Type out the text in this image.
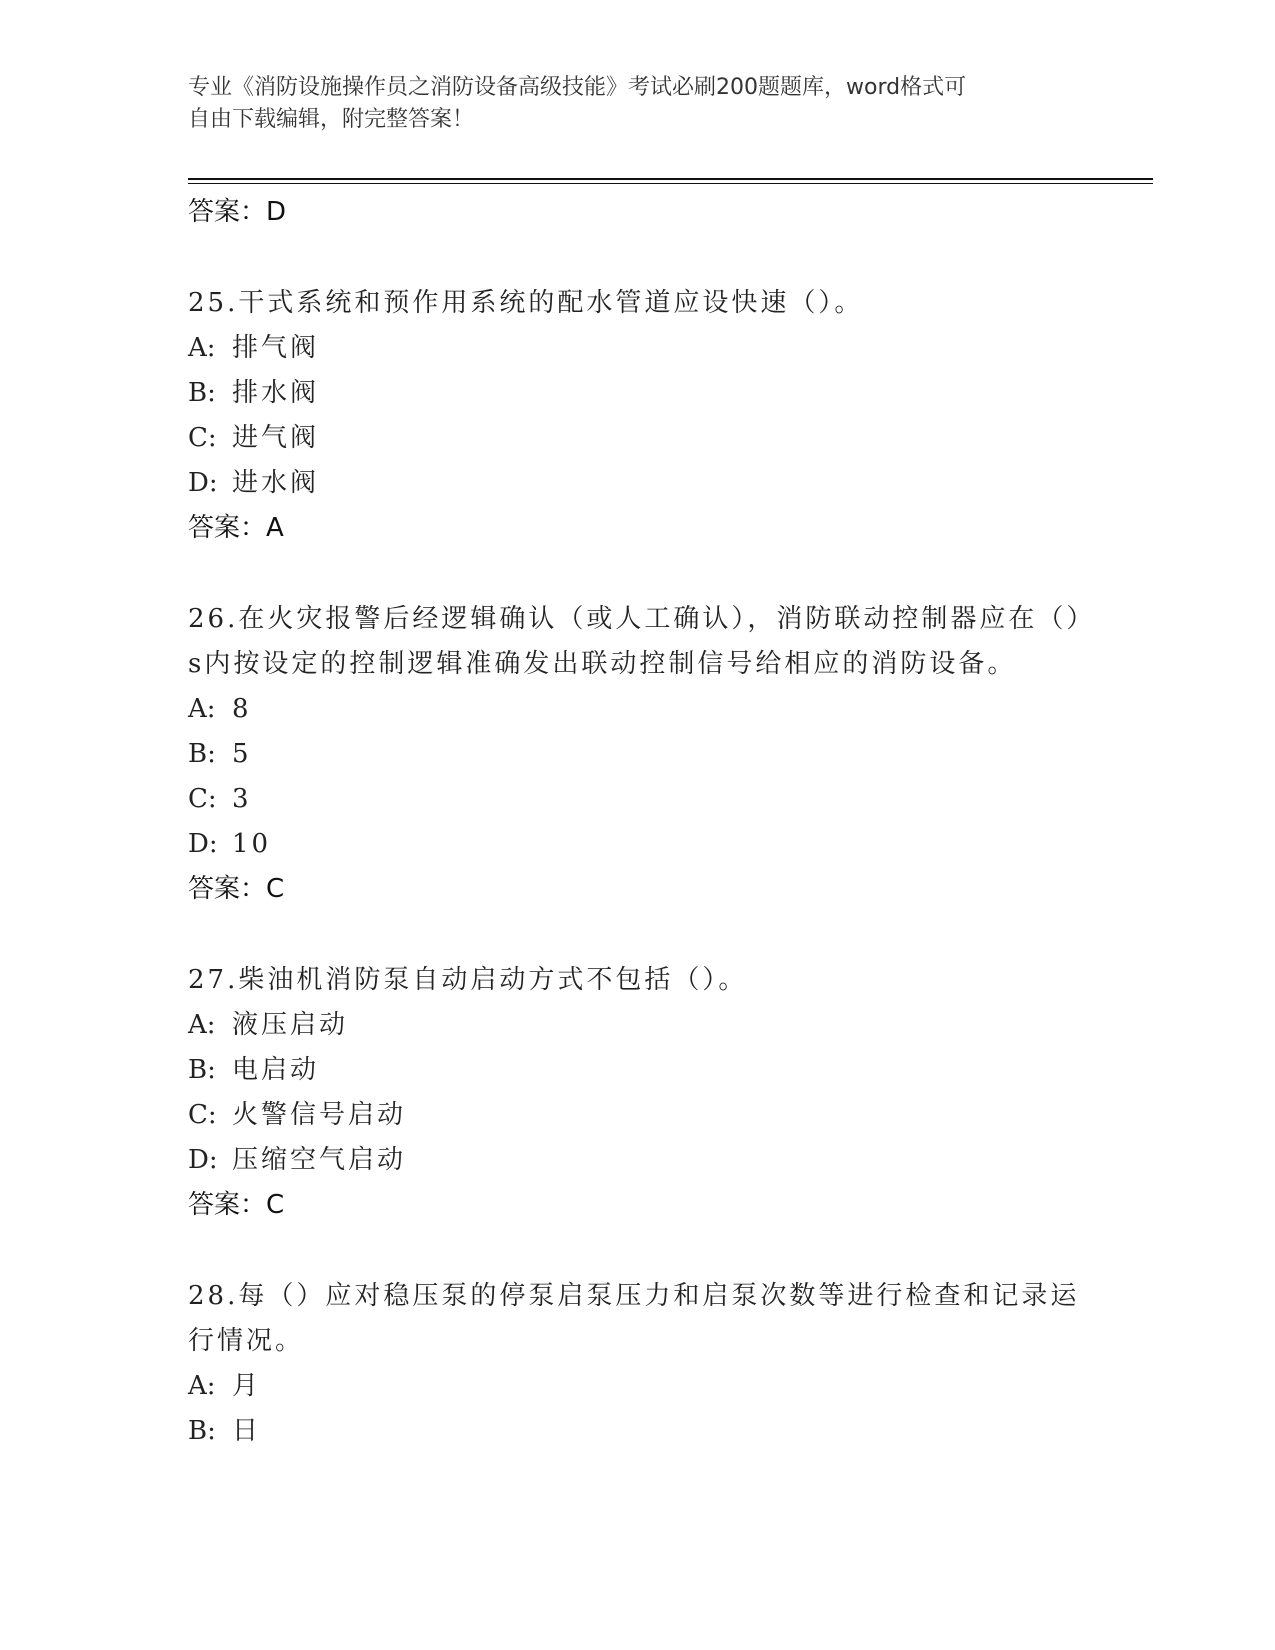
专业《消防设施操作员之消防设备高级技能》考试必刷200题题库，word格式可
自由下载编辑，附完整答案！
答案：D
25.干式系统和预作用系统的配水管道应设快速（）。
A: 排气阀
B: 排水阀
C: 进气阀
D: 进水阀
答案：A
26.在火灾报警后经逻辑确认（或人工确认），消防联动控制器应在（）s内按设定的控制逻辑准确发出联动控制信号给相应的消防设备。
A: 8
B: 5
C: 3
D: 10
答案：C
27.柴油机消防泵自动启动方式不包括（）。
A: 液压启动
B: 电启动
C: 火警信号启动
D: 压缩空气启动
答案：C
28.每（）应对稳压泵的停泵启泵压力和启泵次数等进行检查和记录运行情况。
A: 月
B: 日
